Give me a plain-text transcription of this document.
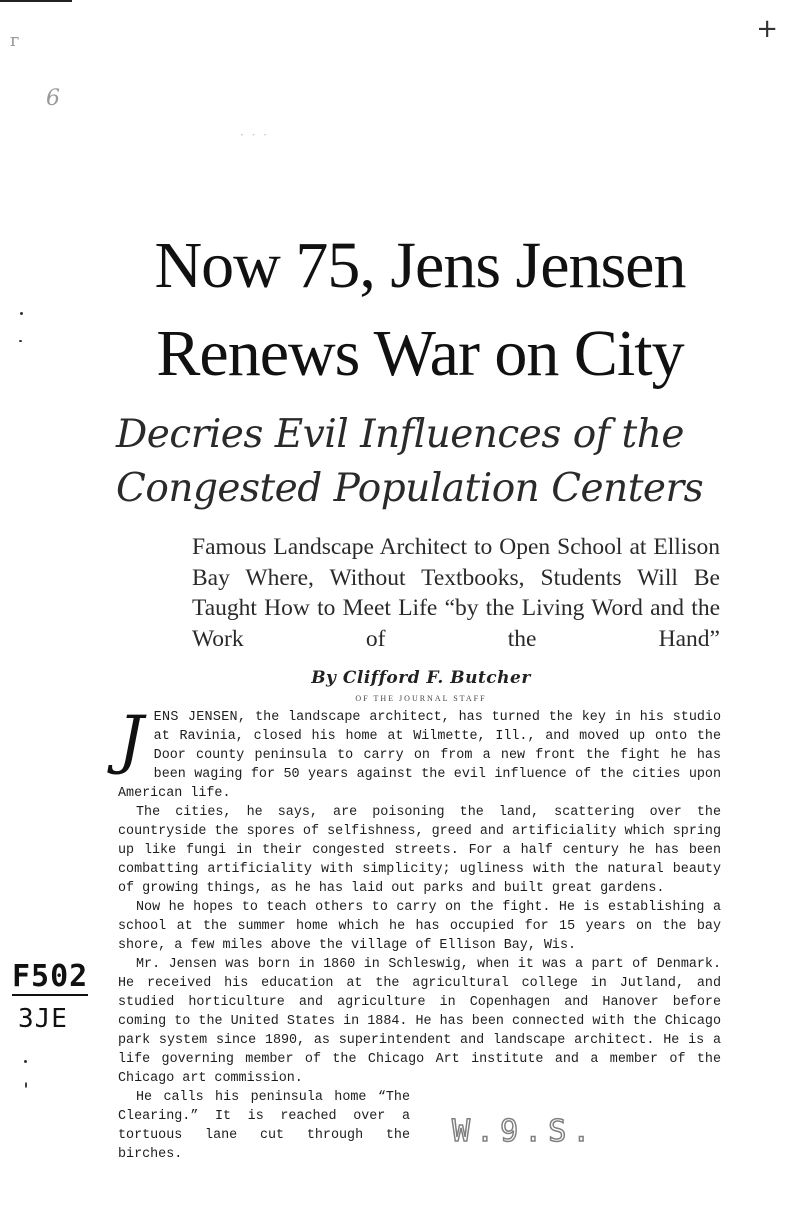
ᴦ
6
+
· · ·
Now 75, Jens Jensen
Renews War on City
Decries Evil Influences of the
Congested Population Centers

Famous Landscape Architect to Open School at Ellison Bay Where, Without Textbooks, Students Will Be Taught How to Meet Life “by the Living Word and the Work of the Hand”

By Clifford F. Butcher
OF THE JOURNAL STAFF

JENS JENSEN, the landscape architect, has turned the key in his studio at Ravinia, closed his home at Wilmette, Ill., and moved up onto the Door county peninsula to carry on from a new front the fight he has been waging for 50 years against the evil influence of the cities upon American life.

The cities, he says, are poisoning the land, scattering over the countryside the spores of selfishness, greed and artificiality which spring up like fungi in their congested streets. For a half century he has been combatting artificiality with simplicity; ugliness with the natural beauty of growing things, as he has laid out parks and built great gardens.

Now he hopes to teach others to carry on the fight. He is establishing a school at the summer home which he has occupied for 15 years on the bay shore, a few miles above the village of Ellison Bay, Wis.

Mr. Jensen was born in 1860 in Schleswig, when it was a part of Denmark. He received his education at the agricultural college in Jutland, and studied horticulture and agriculture in Copenhagen and Hanover before coming to the United States in 1884. He has been connected with the Chicago park system since 1890, as superintendent and landscape architect. He is a life governing member of the Chicago Art institute and a member of the Chicago art commission.

He calls his peninsula home “The Clearing.” It is reached over a tortuous lane cut through the birches.

F502
3JE
W.9.S.
